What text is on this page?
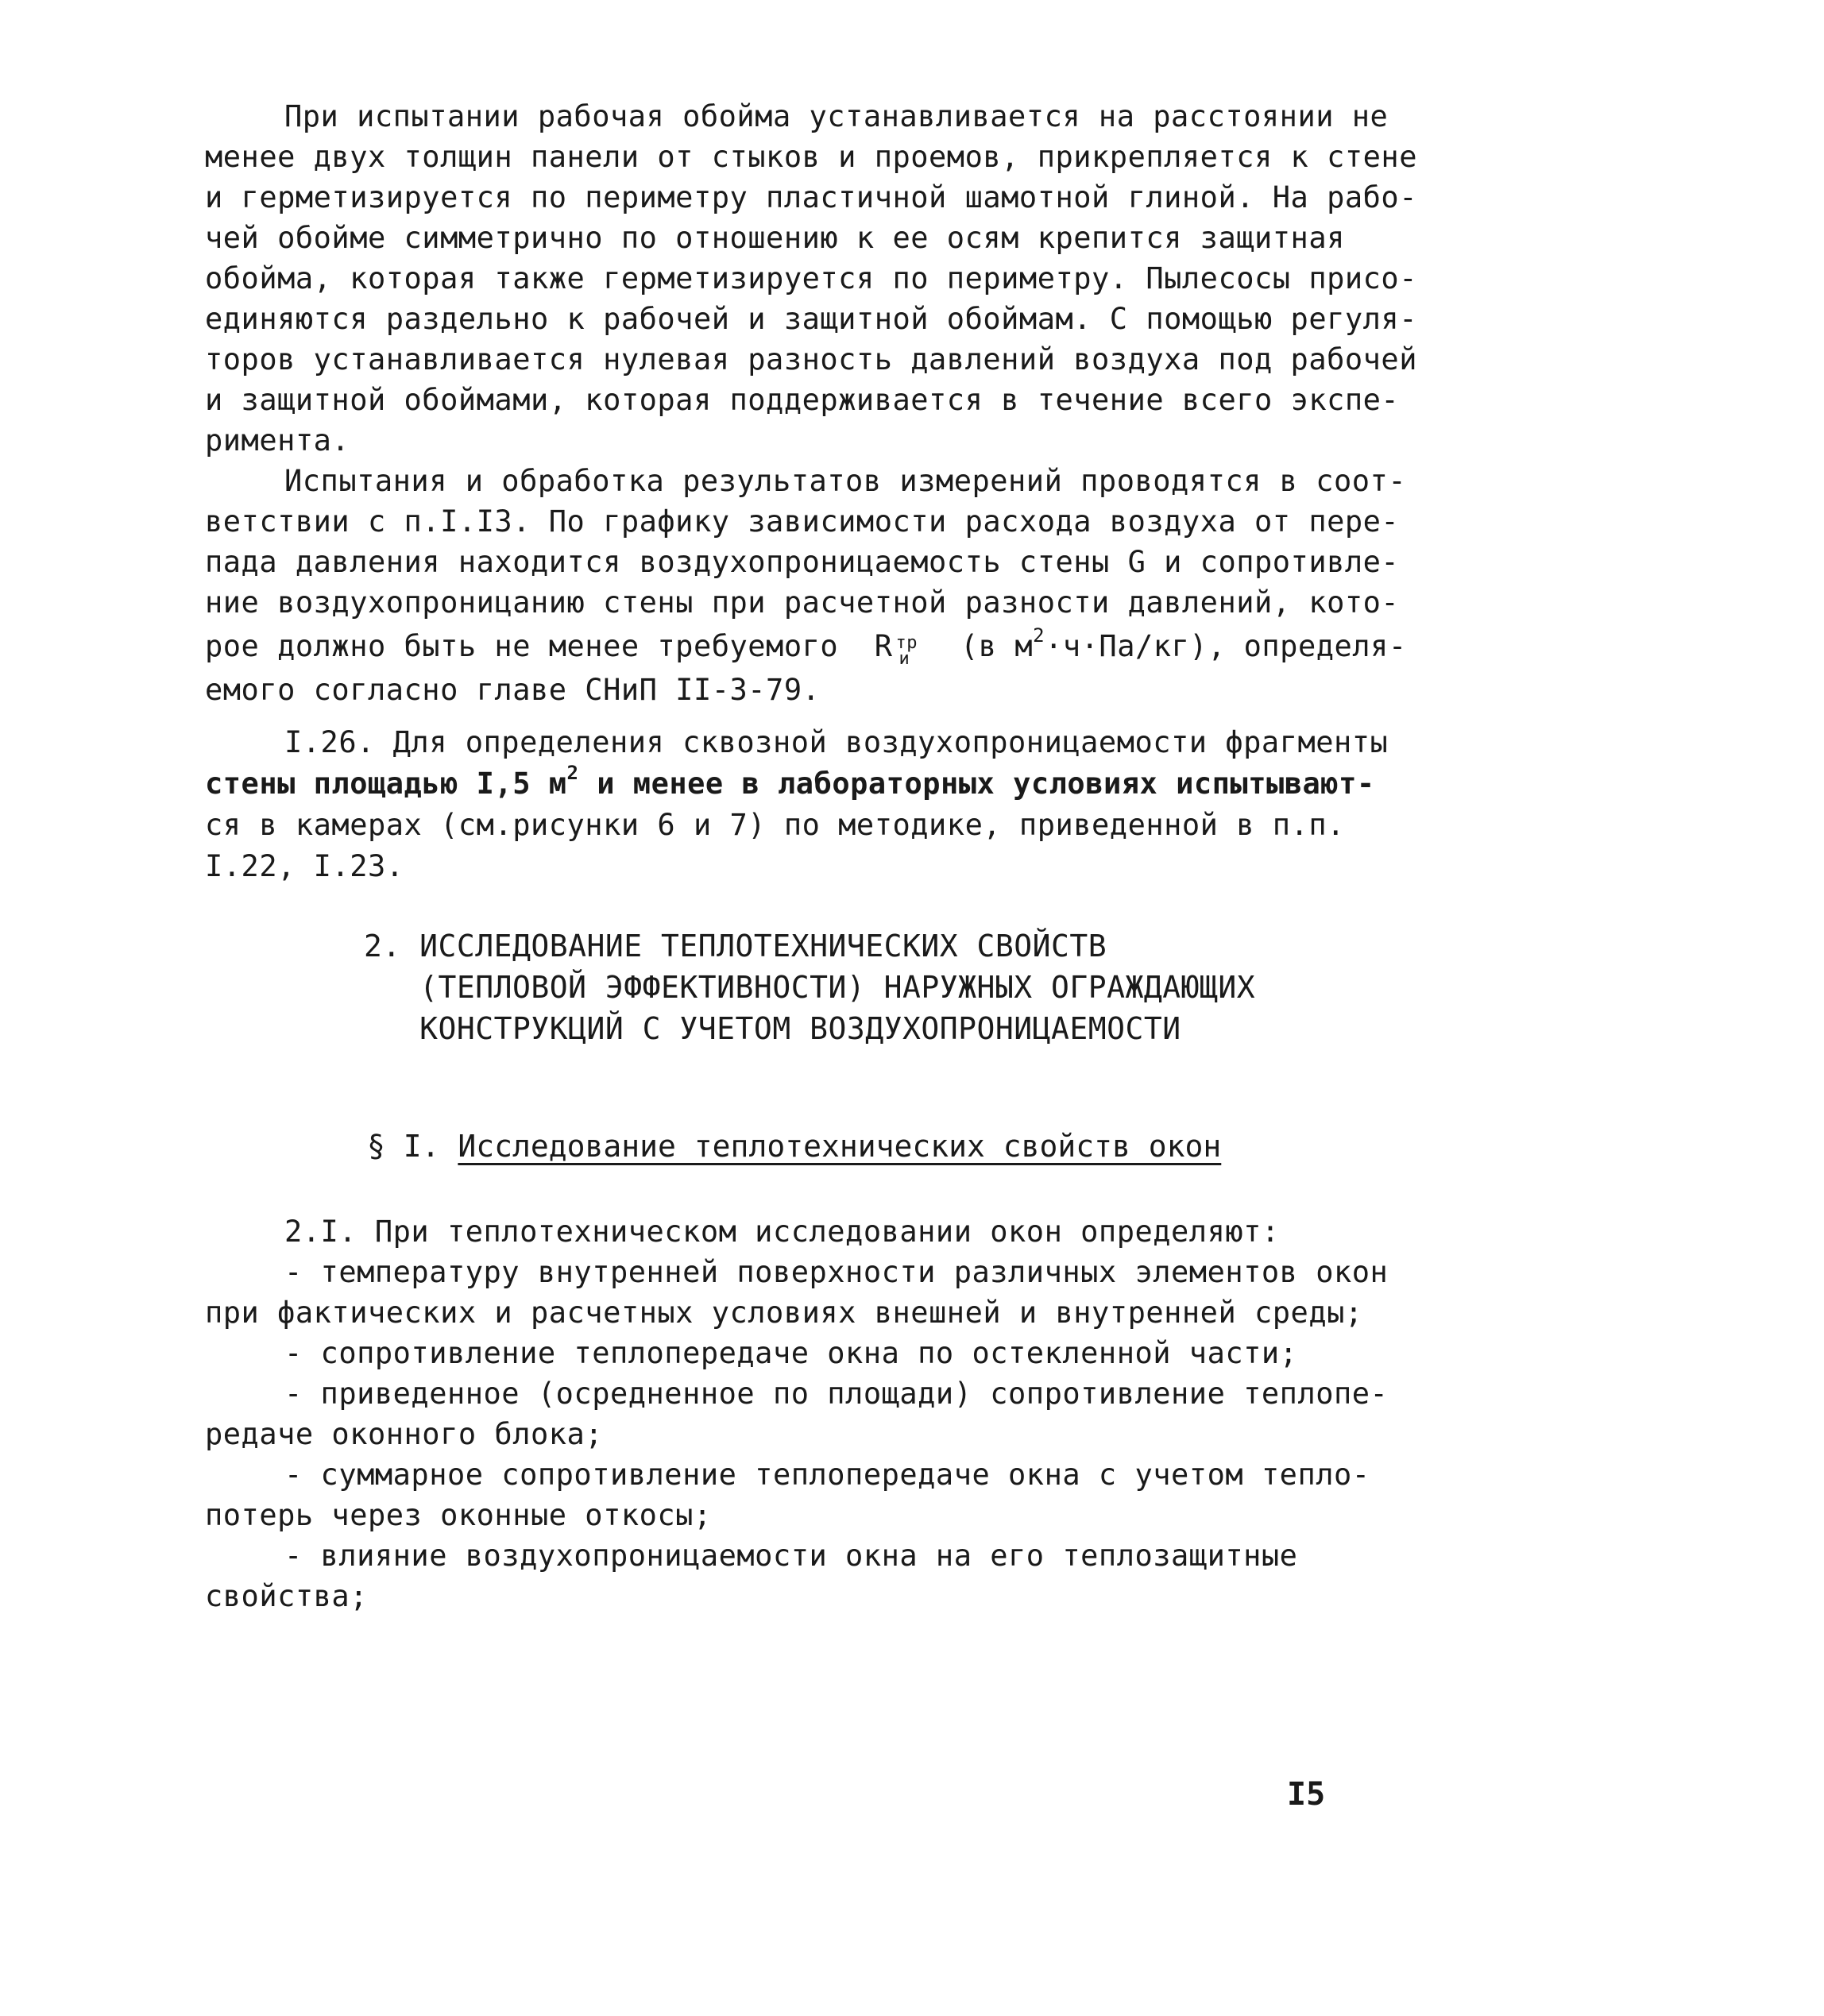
При испытании рабочая обойма устанавливается на расстоянии не
менее двух толщин панели от стыков и проемов, прикрепляется к стене
и герметизируется по периметру пластичной шамотной глиной. На рабо-
чей обойме симметрично по отношению к ее осям крепится защитная
обойма, которая также герметизируется по периметру. Пылесосы присо-
единяются раздельно к рабочей и защитной обоймам. С помощью регуля-
торов устанавливается нулевая разность давлений воздуха под рабочей
и защитной обоймами, которая поддерживается в течение всего экспе-
римента.
Испытания и обработка результатов измерений проводятся в соот-
ветствии с п.I.I3. По графику зависимости расхода воздуха от пере-
пада давления находится воздухопроницаемость стены G и сопротивле-
ние воздухопроницанию стены при расчетной разности давлений, кото-
рое должно быть не менее требуемого  R тр
и (в $м^2\cdot ч\cdot Па/кг$), определя-
емого согласно главе СНиП II-3-79.
I.26. Для определения сквозной воздухопроницаемости фрагменты
стены площадью I,5 $м^2$ и менее в лабораторных условиях испытывают-
ся в камерах (см.рисунки 6 и 7) по методике, приведенной в п.п.
I.22, I.23.
2. ИССЛЕДОВАНИЕ ТЕПЛОТЕХНИЧЕСКИХ СВОЙСТВ
(ТЕПЛОВОЙ ЭФФЕКТИВНОСТИ) НАРУЖНЫХ ОГРАЖДАЮЩИХ
КОНСТРУКЦИЙ С УЧЕТОМ ВОЗДУХОПРОНИЦАЕМОСТИ
§ I. Исследование теплотехнических свойств окон
2.I. При теплотехническом исследовании окон определяют:
- температуру внутренней поверхности различных элементов окон
при фактических и расчетных условиях внешней и внутренней среды;
- сопротивление теплопередаче окна по остекленной части;
- приведенное (осредненное по площади) сопротивление теплопе-
редаче оконного блока;
- суммарное сопротивление теплопередаче окна с учетом тепло-
потерь через оконные откосы;
- влияние воздухопроницаемости окна на его теплозащитные
свойства;
I5
